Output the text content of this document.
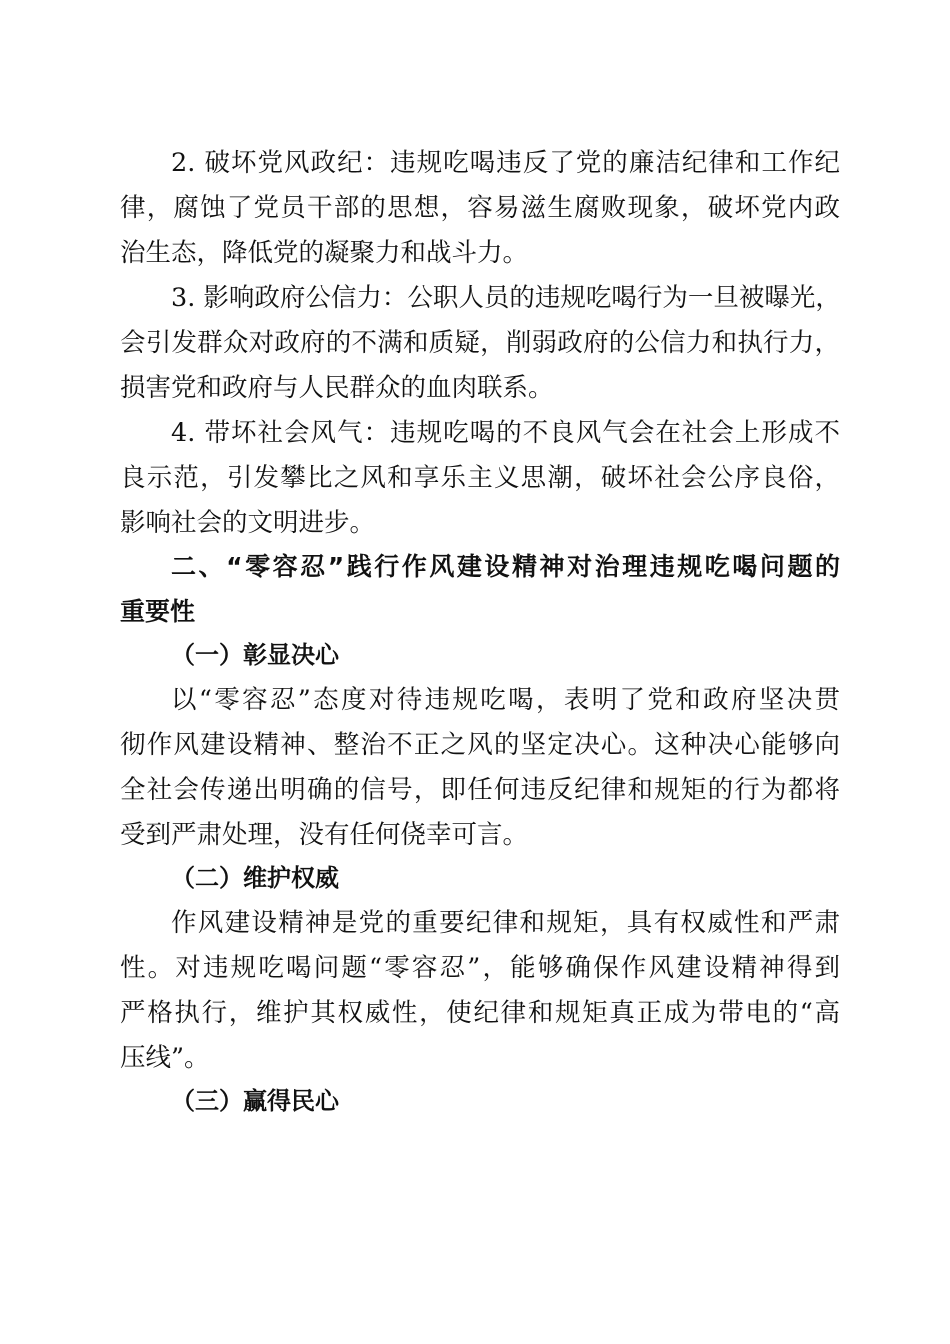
2. 破坏党风政纪：违规吃喝违反了党的廉洁纪律和工作纪

律，腐蚀了党员干部的思想，容易滋生腐败现象，破坏党内政

治生态，降低党的凝聚力和战斗力。

3. 影响政府公信力：公职人员的违规吃喝行为一旦被曝光，

会引发群众对政府的不满和质疑，削弱政府的公信力和执行力，

损害党和政府与人民群众的血肉联系。

4. 带坏社会风气：违规吃喝的不良风气会在社会上形成不

良示范，引发攀比之风和享乐主义思潮，破坏社会公序良俗，

影响社会的文明进步。

二、“零容忍”践行作风建设精神对治理违规吃喝问题的

重要性

（一）彰显决心

以“零容忍”态度对待违规吃喝，表明了党和政府坚决贯

彻作风建设精神、整治不正之风的坚定决心。这种决心能够向

全社会传递出明确的信号，即任何违反纪律和规矩的行为都将

受到严肃处理，没有任何侥幸可言。

（二）维护权威

作风建设精神是党的重要纪律和规矩，具有权威性和严肃

性。对违规吃喝问题“零容忍”，能够确保作风建设精神得到

严格执行，维护其权威性，使纪律和规矩真正成为带电的“高

压线”。

（三）赢得民心
